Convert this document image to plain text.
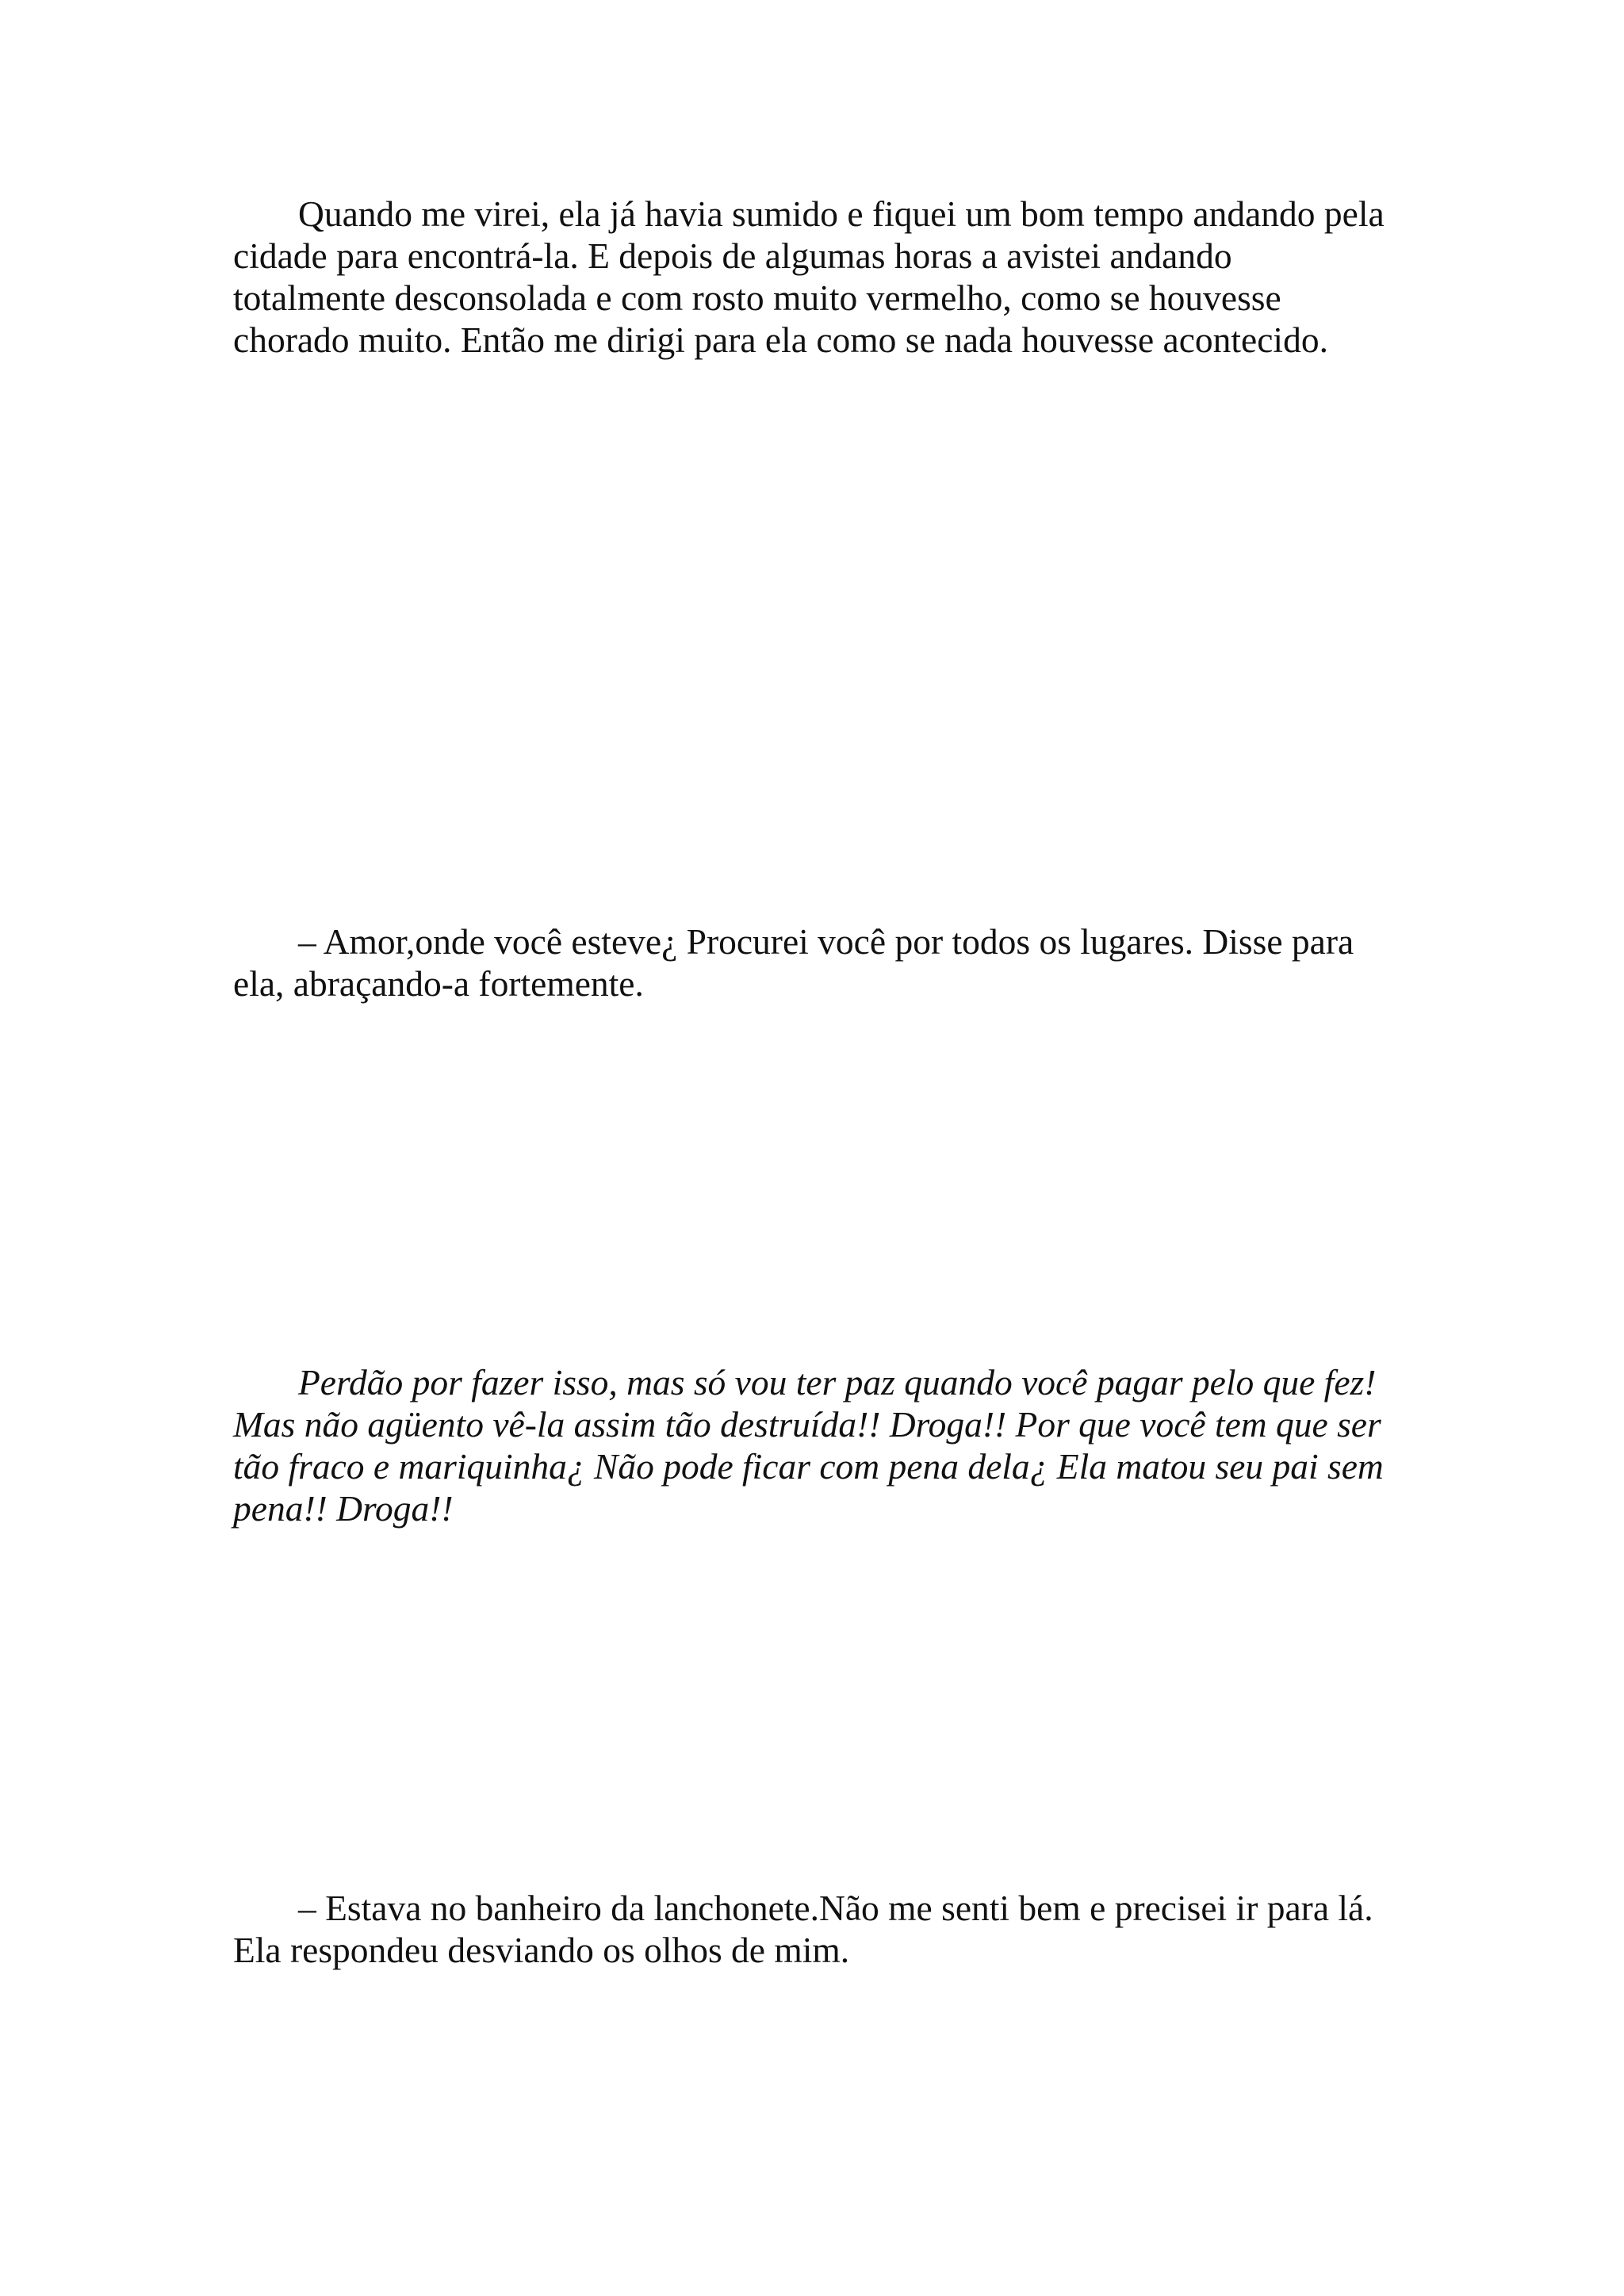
Quando me virei, ela já havia sumido e fiquei um bom tempo andando pela cidade para encontrá-la. E depois de algumas horas a avistei andando totalmente desconsolada e com rosto muito vermelho, como se houvesse chorado muito. Então me dirigi para ela como se nada houvesse acontecido.

– Amor,onde você esteve¿ Procurei você por todos os lugares. Disse para ela, abraçando-a fortemente.

Perdão por fazer isso, mas só vou ter paz quando você pagar pelo que fez! Mas não agüento vê-la assim tão destruída!! Droga!! Por que você tem que ser tão fraco e mariquinha¿ Não pode ficar com pena dela¿ Ela matou seu pai sem pena!! Droga!!

– Estava no banheiro da lanchonete.Não me senti bem e precisei ir para lá. Ela respondeu desviando os olhos de mim.
